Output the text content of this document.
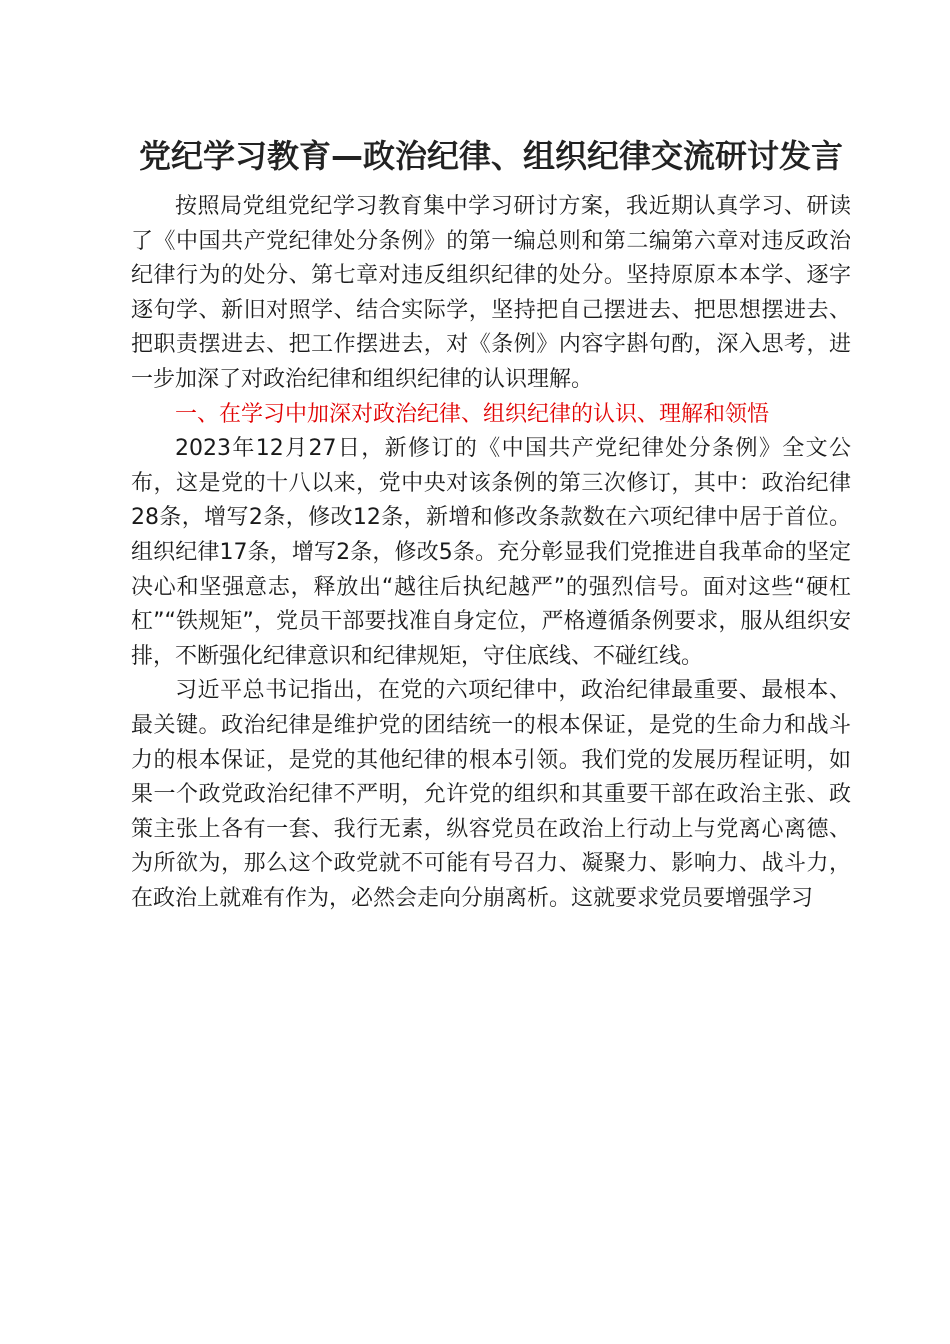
党纪学习教育—政治纪律、组织纪律交流研讨发言

按照局党组党纪学习教育集中学习研讨方案，我近期认真学习、研读了《中国共产党纪律处分条例》的第一编总则和第二编第六章对违反政治纪律行为的处分、第七章对违反组织纪律的处分。坚持原原本本学、逐字逐句学、新旧对照学、结合实际学，坚持把自己摆进去、把思想摆进去、把职责摆进去、把工作摆进去，对《条例》内容字斟句酌，深入思考，进一步加深了对政治纪律和组织纪律的认识理解。

一、在学习中加深对政治纪律、组织纪律的认识、理解和领悟

2023年12月27日，新修订的《中国共产党纪律处分条例》全文公布，这是党的十八以来，党中央对该条例的第三次修订，其中：政治纪律28条，增写2条，修改12条，新增和修改条款数在六项纪律中居于首位。组织纪律17条，增写2条，修改5条。充分彰显我们党推进自我革命的坚定决心和坚强意志，释放出“越往后执纪越严”的强烈信号。面对这些“硬杠杠”“铁规矩”，党员干部要找准自身定位，严格遵循条例要求，服从组织安排，不断强化纪律意识和纪律规矩，守住底线、不碰红线。

习近平总书记指出，在党的六项纪律中，政治纪律最重要、最根本、最关键。政治纪律是维护党的团结统一的根本保证，是党的生命力和战斗力的根本保证，是党的其他纪律的根本引领。我们党的发展历程证明，如果一个政党政治纪律不严明，允许党的组织和其重要干部在政治主张、政策主张上各有一套、我行无素，纵容党员在政治上行动上与党离心离德、为所欲为，那么这个政党就不可能有号召力、凝聚力、影响力、战斗力，在政治上就难有作为，必然会走向分崩离析。这就要求党员要增强学习
